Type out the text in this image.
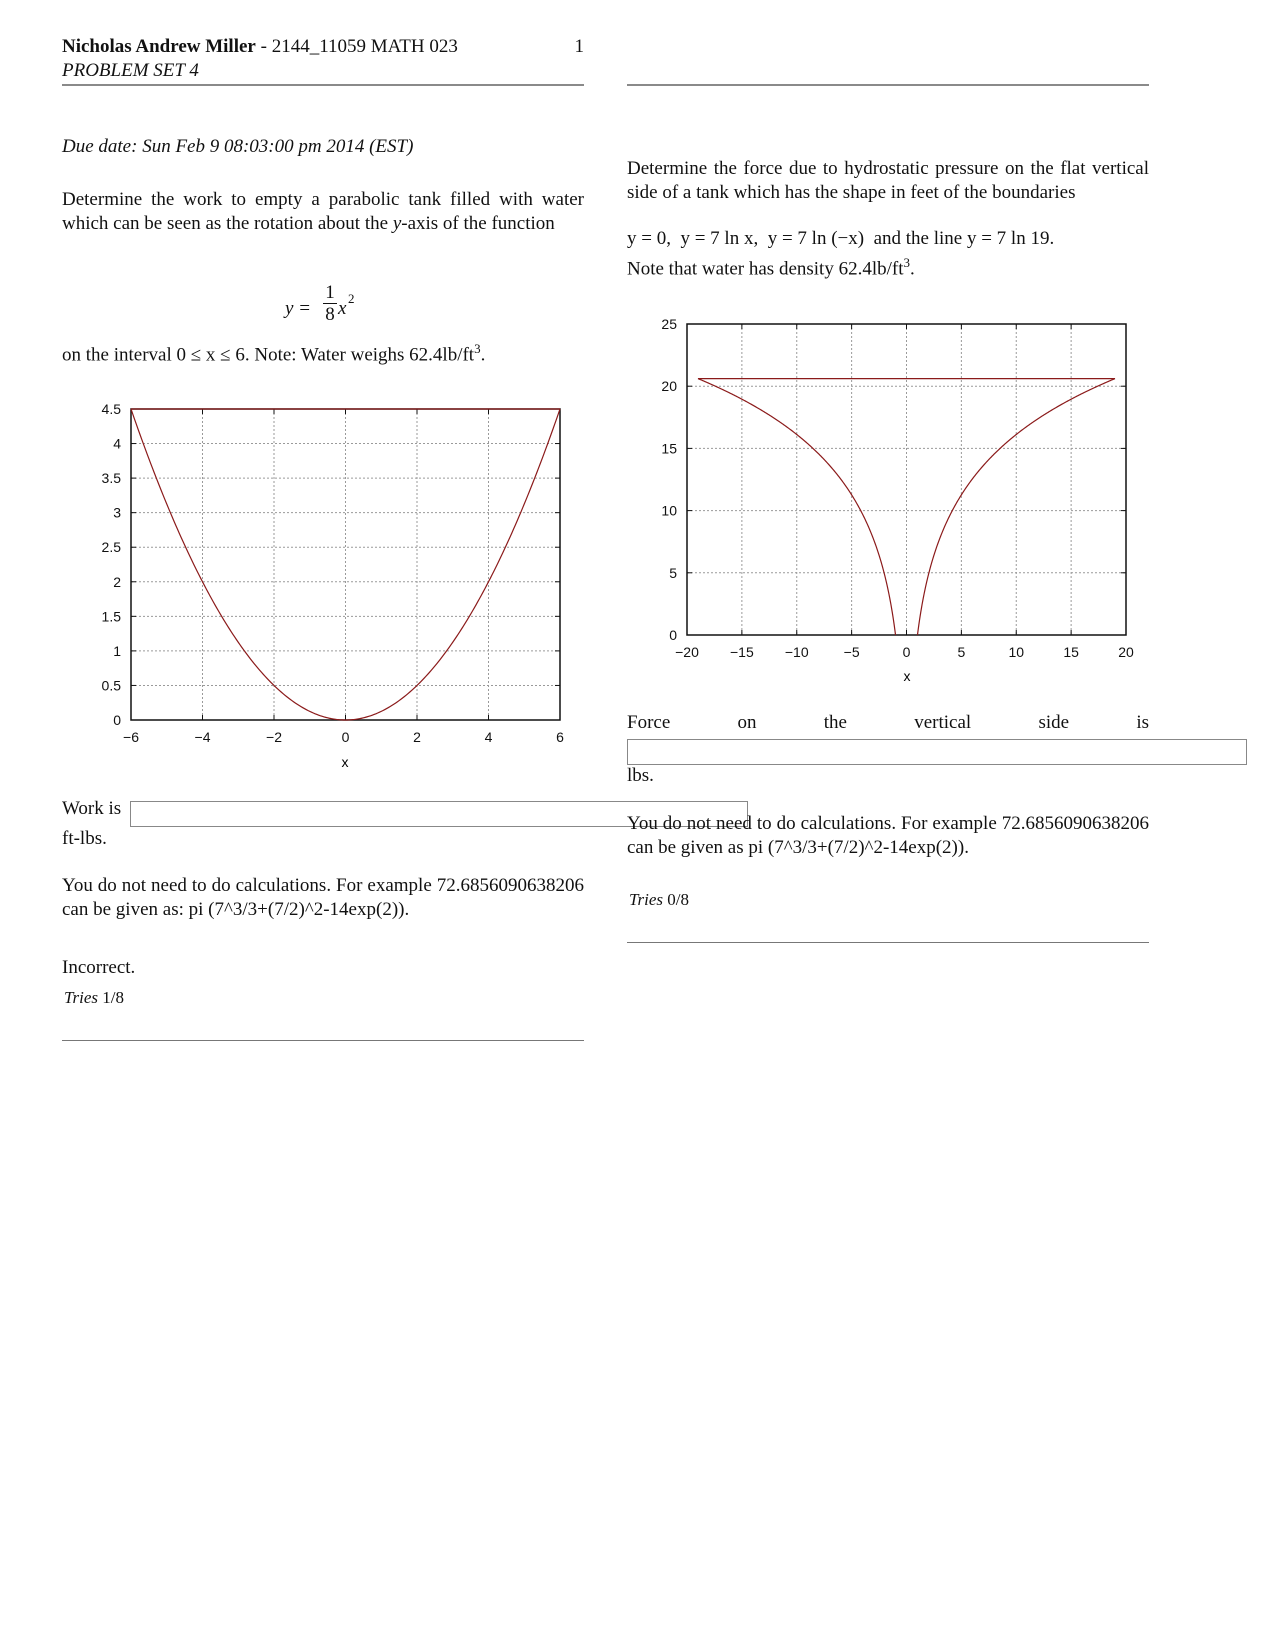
Nicholas Andrew Miller - 2144_11059 MATH 023	1
PROBLEM SET 4
Due date: Sun Feb 9 08:03:00 pm 2014 (EST)
Determine the work to empty a parabolic tank filled with water which can be seen as the rotation about the y-axis of the function
y =
1
8 x 2
on the interval 0 ≤ x ≤ 6. Note: Water weighs $62.4lb/ft^3$.
0
0.5
1
1.5
2
2.5
3
3.5
4
4.5
−6	−4	−2	0	2	4	6
x
Work is
ft-lbs.
You do not need to do calculations. For example 72.6856090638206 can be given as: pi (7^3/3+(7/2)^2-14exp(2)).
Incorrect.
Tries 1/8
Determine the force due to hydrostatic pressure on the flat vertical side of a tank which has the shape in feet of the boundaries
y = 0,  y = 7 ln x,  y = 7 ln (−x)  and the line y = 7 ln 19.
Note that water has density $62.4lb/ft^3$.
0
5
10
15
20
25
−20 −15 −10	−5	0	5	10	15	20
x
Force	on	the	vertical	side	is
lbs.
You do not need to do calculations. For example 72.6856090638206 can be given as pi (7^3/3+(7/2)^2-14exp(2)).
Tries 0/8
